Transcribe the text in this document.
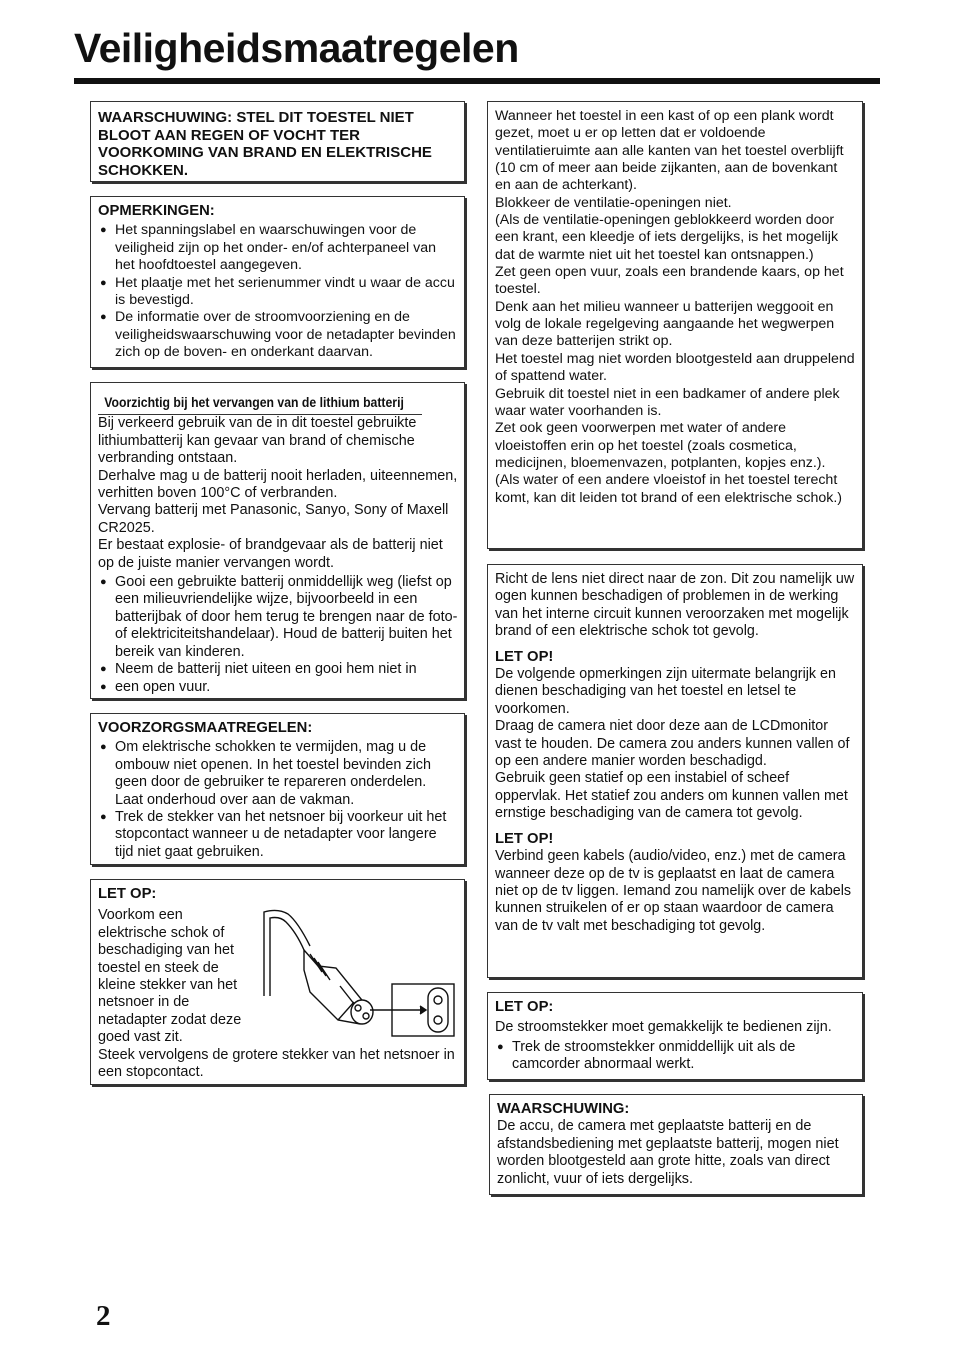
Veiligheidsmaatregelen

WAARSCHUWING: STEL DIT TOESTEL NIET BLOOT AAN REGEN OF VOCHT TER VOORKOMING VAN BRAND EN ELEKTRISCHE SCHOKKEN.

OPMERKINGEN:

● Het spanningslabel en waarschuwingen voor de veiligheid zijn op het onder- en/of achterpaneel van het hoofdtoestel aangegeven.
● Het plaatje met het serienummer vindt u waar de accu is bevestigd.
● De informatie over de stroomvoorziening en de veiligheidswaarschuwing voor de netadapter bevinden zich op de boven- en onderkant daarvan.

Voorzichtig bij het vervangen van de lithium batterij

Bij verkeerd gebruik van de in dit toestel gebruikte lithiumbatterij kan gevaar van brand of chemische verbranding ontstaan.

Derhalve mag u de batterij nooit herladen, uiteennemen, verhitten boven 100°C of verbranden.

Vervang batterij met Panasonic, Sanyo, Sony of Maxell CR2025.

Er bestaat explosie- of brandgevaar als de batterij niet op de juiste manier vervangen wordt.

● Gooi een gebruikte batterij onmiddellijk weg (liefst op een milieuvriendelijke wijze, bijvoorbeeld in een batterijbak of door hem terug te brengen naar de foto- of elektriciteitshandelaar). Houd de batterij buiten het bereik van kinderen.
● Neem de batterij niet uiteen en gooi hem niet in
● een open vuur.

VOORZORGSMAATREGELEN:

● Om elektrische schokken te vermijden, mag u de ombouw niet openen. In het toestel bevinden zich geen door de gebruiker te repareren onderdelen. Laat onderhoud over aan de vakman.
● Trek de stekker van het netsnoer bij voorkeur uit het stopcontact wanneer u de netadapter voor langere tijd niet gaat gebruiken.

LET OP:

Voorkom een elektrische schok of beschadiging van het toestel en steek de kleine stekker van het netsnoer in de netadapter zodat deze goed vast zit.

Steek vervolgens de grotere stekker van het netsnoer in een stopcontact.

Wanneer het toestel in een kast of op een plank wordt gezet, moet u er op letten dat er voldoende ventilatieruimte aan alle kanten van het toestel overblijft (10 cm of meer aan beide zijkanten, aan de bovenkant en aan de achterkant).

Blokkeer de ventilatie-openingen niet.

(Als de ventilatie-openingen geblokkeerd worden door een krant, een kleedje of iets dergelijks, is het mogelijk dat de warmte niet uit het toestel kan ontsnappen.)

Zet geen open vuur, zoals een brandende kaars, op het toestel.

Denk aan het milieu wanneer u batterijen weggooit en volg de lokale regelgeving aangaande het wegwerpen van deze batterijen strikt op.

Het toestel mag niet worden blootgesteld aan druppelend of spattend water.

Gebruik dit toestel niet in een badkamer of andere plek waar water voorhanden is.

Zet ook geen voorwerpen met water of andere vloeistoffen erin op het toestel (zoals cosmetica, medicijnen, bloemenvazen, potplanten, kopjes enz.).

(Als water of een andere vloeistof in het toestel terecht komt, kan dit leiden tot brand of een elektrische schok.)

Richt de lens niet direct naar de zon. Dit zou namelijk uw ogen kunnen beschadigen of problemen in de werking van het interne circuit kunnen veroorzaken met mogelijk brand of een elektrische schok tot gevolg.

LET OP!

De volgende opmerkingen zijn uitermate belangrijk en dienen beschadiging van het toestel en letsel te voorkomen.

Draag de camera niet door deze aan de LCDmonitor vast te houden. De camera zou anders kunnen vallen of op een andere manier worden beschadigd.

Gebruik geen statief op een instabiel of scheef oppervlak. Het statief zou anders om kunnen vallen met ernstige beschadiging van de camera tot gevolg.

LET OP!

Verbind geen kabels (audio/video, enz.) met de camera wanneer deze op de tv is geplaatst en laat de camera niet op de tv liggen. Iemand zou namelijk over de kabels kunnen struikelen of er op staan waardoor de camera van de tv valt met beschadiging tot gevolg.

LET OP:

De stroomstekker moet gemakkelijk te bedienen zijn.

● Trek de stroomstekker onmiddellijk uit als de camcorder abnormaal werkt.

WAARSCHUWING:

De accu, de camera met geplaatste batterij en de afstandsbediening met geplaatste batterij, mogen niet worden blootgesteld aan grote hitte, zoals van direct zonlicht, vuur of iets dergelijks.

2
